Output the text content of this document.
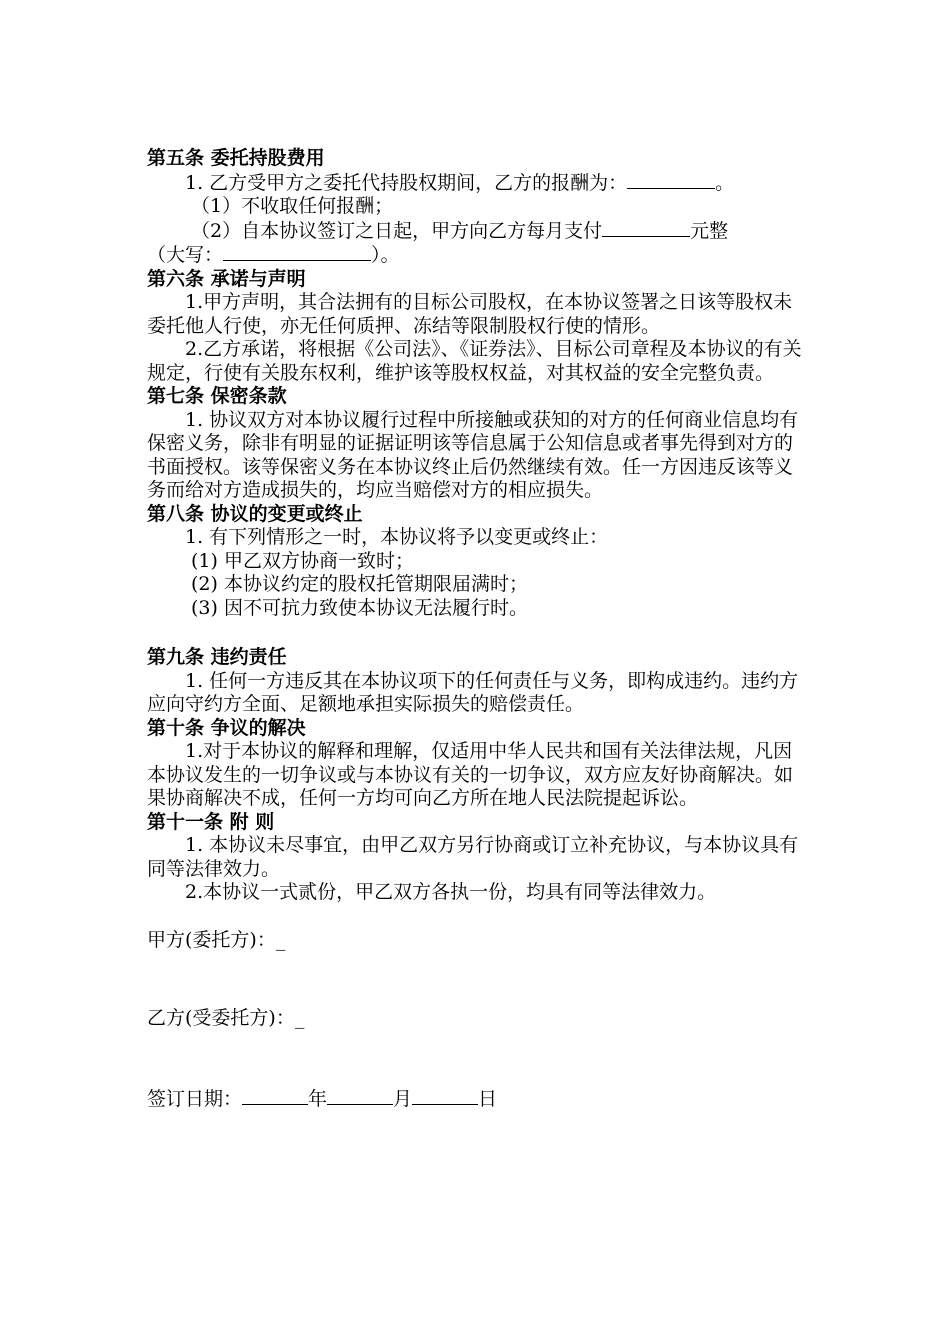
第五条 委托持股费用

1. 乙方受甲方之委托代持股权期间，乙方的报酬为：	。

（1）不收取任何报酬；

（2）自本协议签订之日起，甲方向乙方每月支付	元整

（大写：	）。

第六条 承诺与声明

1.甲方声明，其合法拥有的目标公司股权，在本协议签署之日该等股权未委托他人行使，亦无任何质押、冻结等限制股权行使的情形。

2.乙方承诺，将根据《公司法》、《证券法》、目标公司章程及本协议的有关规定，行使有关股东权利，维护该等股权权益，对其权益的安全完整负责。

第七条 保密条款

1. 协议双方对本协议履行过程中所接触或获知的对方的任何商业信息均有保密义务，除非有明显的证据证明该等信息属于公知信息或者事先得到对方的书面授权。该等保密义务在本协议终止后仍然继续有效。任一方因违反该等义务而给对方造成损失的，均应当赔偿对方的相应损失。

第八条 协议的变更或终止

1. 有下列情形之一时，本协议将予以变更或终止：

(1) 甲乙双方协商一致时；

(2) 本协议约定的股权托管期限届满时；

(3) 因不可抗力致使本协议无法履行时。

第九条 违约责任

1. 任何一方违反其在本协议项下的任何责任与义务，即构成违约。违约方应向守约方全面、足额地承担实际损失的赔偿责任。

第十条 争议的解决

1.对于本协议的解释和理解，仅适用中华人民共和国有关法律法规，凡因本协议发生的一切争议或与本协议有关的一切争议，双方应友好协商解决。如果协商解决不成，任何一方均可向乙方所在地人民法院提起诉讼。

第十一条 附 则

1. 本协议未尽事宜，由甲乙双方另行协商或订立补充协议，与本协议具有同等法律效力。

2.本协议一式贰份，甲乙双方各执一份，均具有同等法律效力。

甲方(委托方)：_

乙方(受委托方)：_

签订日期：	年	月	日
